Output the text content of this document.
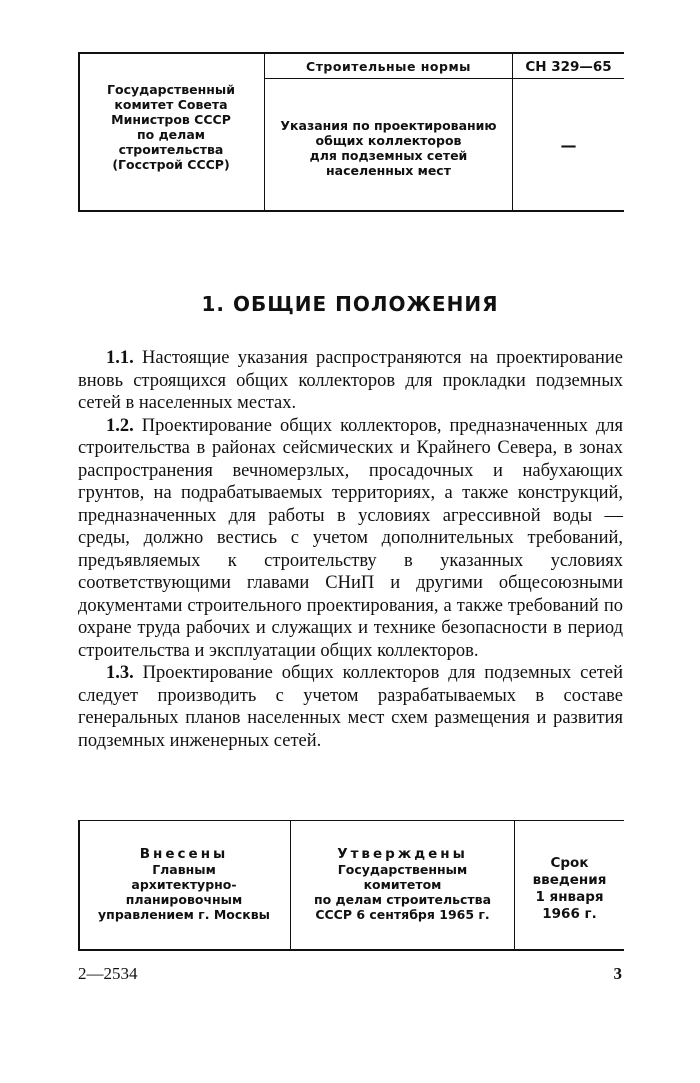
Государственный
комитет Совета
Министров СССР
по делам
строительства
(Госстрой СССР)
Строительные нормы
Указания по проектированию
общих коллекторов
для подземных сетей
населенных мест
СН 329—65
—
1. ОБЩИЕ ПОЛОЖЕНИЯ

1.1. Настоящие указания распространяются на проектирование вновь строящихся общих коллекторов для прокладки подземных сетей в населенных местах.

1.2. Проектирование общих коллекторов, предназначенных для строительства в районах сейсмических и Крайнего Севера, в зонах распространения вечномерзлых, просадочных и набухающих грунтов, на подрабатываемых территориях, а также конструкций, предназначенных для работы в условиях агрессивной воды — среды, должно вестись с учетом дополнительных требований, предъявляемых к строительству в указанных условиях соответствующими главами СНиП и другими общесоюзными документами строительного проектирования, а также требований по охране труда рабочих и служащих и технике безопасности в период строительства и эксплуатации общих коллекторов.

1.3. Проектирование общих коллекторов для подземных сетей следует производить с учетом разрабатываемых в составе генеральных планов населенных мест схем размещения и развития подземных инженерных сетей.

Внесены
Главным
архитектурно-
планировочным
управлением г. Москвы
Утверждены
Государственным
комитетом
по делам строительства
СССР 6 сентября 1965 г.
Срок
введения
1 января
1966 г.
2—2534	3
